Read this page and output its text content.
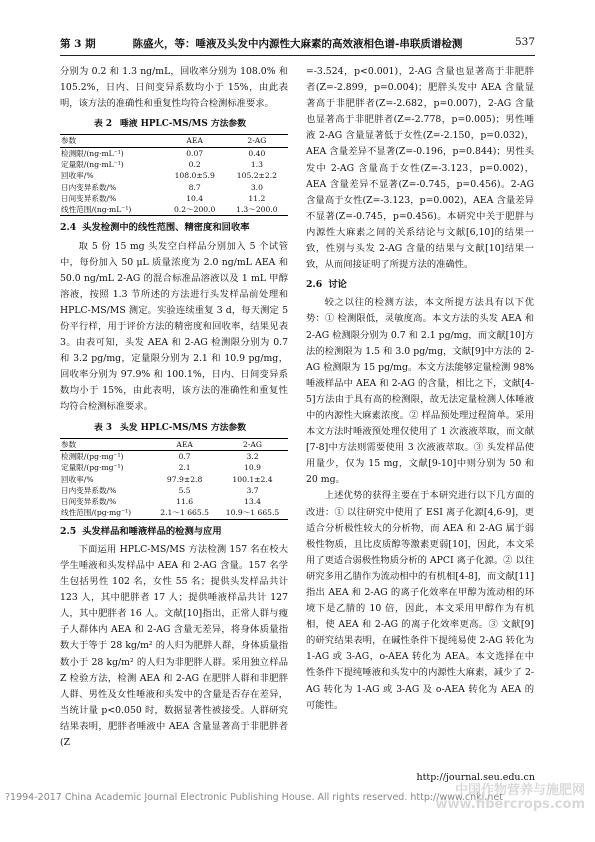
第 3 期	陈盛火，等：唾液及头发中内源性大麻素的高效液相色谱-串联质谱检测	537

分别为 0.2 和 1.3 ng/mL，回收率分别为 108.0% 和 105.2%，日内、日间变异系数均小于 15%，由此表明，该方法的准确性和重复性均符合检测标准要求。

表 2 唾液 HPLC-MS/MS 方法参数
参数	AEA	2-AG
检测限/(ng·mL⁻¹)	0.07	0.40
定量限/(ng·mL⁻¹)	0.2	1.3
回收率/%	108.0±5.9	105.2±2.2
日内变异系数/%	8.7	3.0
日间变异系数/%	10.4	11.2
线性范围/(ng·mL⁻¹)	0.2～200.0	1.3～200.0
2.4 头发检测中的线性范围、精密度和回收率

取 5 份 15 mg 头发空白样品分别加入 5 个试管中，每份加入 50 μL 质量浓度为 2.0 ng/mL AEA 和 50.0 ng/mL 2-AG 的混合标准品溶液以及 1 mL 甲醇溶液，按照 1.3 节所述的方法进行头发样品前处理和 HPLC-MS/MS 测定。实验连续重复 3 d，每天测定 5 份平行样，用于评价方法的精密度和回收率，结果见表 3。由表可知，头发 AEA 和 2-AG 检测限分别为 0.7 和 3.2 pg/mg，定量限分别为 2.1 和 10.9 pg/mg，回收率分别为 97.9% 和 100.1%，日内、日间变异系数均小于 15%，由此表明，该方法的准确性和重复性均符合检测标准要求。

表 3 头发 HPLC-MS/MS 方法参数
参数	AEA	2-AG
检测限/(pg·mg⁻¹)	0.7	3.2
定量限/(pg·mg⁻¹)	2.1	10.9
回收率/%	97.9±2.8	100.1±2.4
日内变异系数/%	5.5	3.7
日间变异系数/%	11.6	13.4
线性范围/(pg·mg⁻¹)	2.1～1 665.5	10.9～1 665.5
2.5 头发样品和唾液样品的检测与应用

下面运用 HPLC-MS/MS 方法检测 157 名在校大学生唾液和头发样品中 AEA 和 2-AG 含量。157 名学生包括男性 102 名，女性 55 名；提供头发样品共计 123 人，其中肥胖者 17 人；提供唾液样品共计 127 人，其中肥胖者 16 人。文献[10]指出，正常人群与瘦子人群体内 AEA 和 2-AG 含量无差异，将身体质量指数大于等于 28 kg/m² 的人归为肥胖人群，身体质量指数小于 28 kg/m² 的人归为非肥胖人群。采用独立样品 Z 检验方法，检测 AEA 和 2-AG 在肥胖人群和非肥胖人群、男性及女性唾液和头发中的含量是否存在差异，当统计量 p<0.050 时，数据显著性被接受。人群研究结果表明，肥胖者唾液中 AEA 含量显著高于非肥胖者(Z

=-3.524，p<0.001)，2-AG 含量也显著高于非肥胖者(Z=-2.899，p=0.004)；肥胖头发中 AEA 含量显著高于非肥胖者(Z=-2.682，p=0.007)，2-AG 含量也显著高于非肥胖者(Z=-2.778，p=0.005)；男性唾液 2-AG 含量显著低于女性(Z=-2.150，p=0.032)，AEA 含量差异不显著(Z=-0.196，p=0.844)；男性头发中 2-AG 含量高于女性(Z=-3.123，p=0.002)，AEA 含量差异不显著(Z=-0.745，p=0.456)。2-AG 含量高于女性(Z=-3.123，p=0.002)，AEA 含量差异不显著(Z=-0.745，p=0.456)。本研究中关于肥胖与内源性大麻素之间的关系结论与文献[6,10]的结果一致，性别与头发 2-AG 含量的结果与文献[10]结果一致，从而间接证明了所提方法的准确性。

2.6 讨论

较之以往的检测方法，本文所提方法具有以下优势：① 检测限低，灵敏度高。本文方法的头发 AEA 和 2-AG 检测限分别为 0.7 和 2.1 pg/mg，而文献[10]方法的检测限为 1.5 和 3.0 pg/mg，文献[9]中方法的 2-AG 检测限为 15 pg/mg。本文方法能够定量检测 98% 唾液样品中 AEA 和 2-AG 的含量，相比之下，文献[4-5]方法由于具有高的检测限，故无法定量检测人体唾液中的内源性大麻素浓度。② 样品预处理过程简单。采用本文方法时唾液预处理仅使用了 1 次液液萃取，而文献[7-8]中方法则需要使用 3 次液液萃取。③ 头发样品使用量少，仅为 15 mg，文献[9-10]中则分别为 50 和 20 mg。

上述优势的获得主要在于本研究进行以下几方面的改进：① 以往研究中使用了 ESI 离子化源[4,6-9]，更适合分析极性较大的分析物，而 AEA 和 2-AG 属于弱极性物质，且比皮质醇等激素更弱[10]，因此，本文采用了更适合弱极性物质分析的 APCI 离子化源。② 以往研究多用乙腈作为流动相中的有机相[4-8]，而文献[11]指出 AEA 和 2-AG 的离子化效率在甲醇为流动相的环境下是乙腈的 10 倍，因此，本文采用甲醇作为有机相，使 AEA 和 2-AG 的离子化效率更高。③ 文献[9]的研究结果表明，在碱性条件下提纯易使 2-AG 转化为 1-AG 或 3-AG，o-AEA 转化为 AEA。本文选择在中性条件下提纯唾液和头发中的内源性大麻素，减少了 2-AG 转化为 1-AG 或 3-AG 及 o-AEA 转化为 AEA 的可能性。

http://journal.seu.edu.cn
?1994-2017 China Academic Journal Electronic Publishing House. All rights reserved. http://www.cnki.net
中国作物营养与施肥网
www.fibercrops.com
